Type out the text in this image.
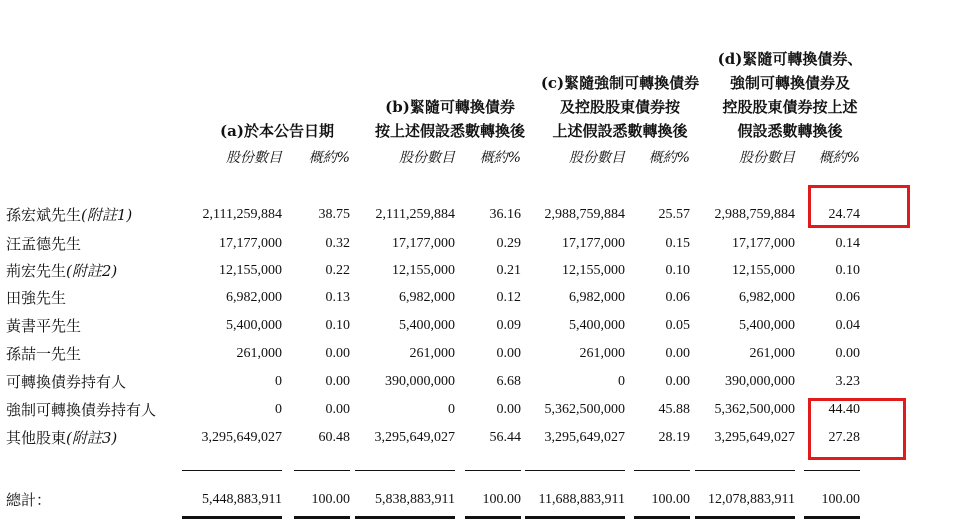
(a)於本公告日期
(b)緊隨可轉換債券
按上述假設悉數轉換後
(c)緊隨強制可轉換債券
及控股股東債券按
上述假設悉數轉換後
(d)緊隨可轉換債券、
強制可轉換債券及
控股股東債券按上述
假設悉數轉換後
股份數目	概約%	股份數目	概約%	股份數目	概約%	股份數目	概約%
孫宏斌先生(附註1)	2,111,259,884	38.75	2,111,259,884	36.16	2,988,759,884	25.57	2,988,759,884	24.74
汪孟德先生	17,177,000	0.32	17,177,000	0.29	17,177,000	0.15	17,177,000	0.14
荊宏先生(附註2)	12,155,000	0.22	12,155,000	0.21	12,155,000	0.10	12,155,000	0.10
田強先生	6,982,000	0.13	6,982,000	0.12	6,982,000	0.06	6,982,000	0.06
黃書平先生	5,400,000	0.10	5,400,000	0.09	5,400,000	0.05	5,400,000	0.04
孫喆一先生	261,000	0.00	261,000	0.00	261,000	0.00	261,000	0.00
可轉換債券持有人	0	0.00	390,000,000	6.68	0	0.00	390,000,000	3.23
強制可轉換債券持有人	0	0.00	0	0.00	5,362,500,000	45.88	5,362,500,000	44.40
其他股東(附註3)	3,295,649,027	60.48	3,295,649,027	56.44	3,295,649,027	28.19	3,295,649,027	27.28
總計：	5,448,883,911	100.00	5,838,883,911	100.00	11,688,883,911	100.00	12,078,883,911	100.00
